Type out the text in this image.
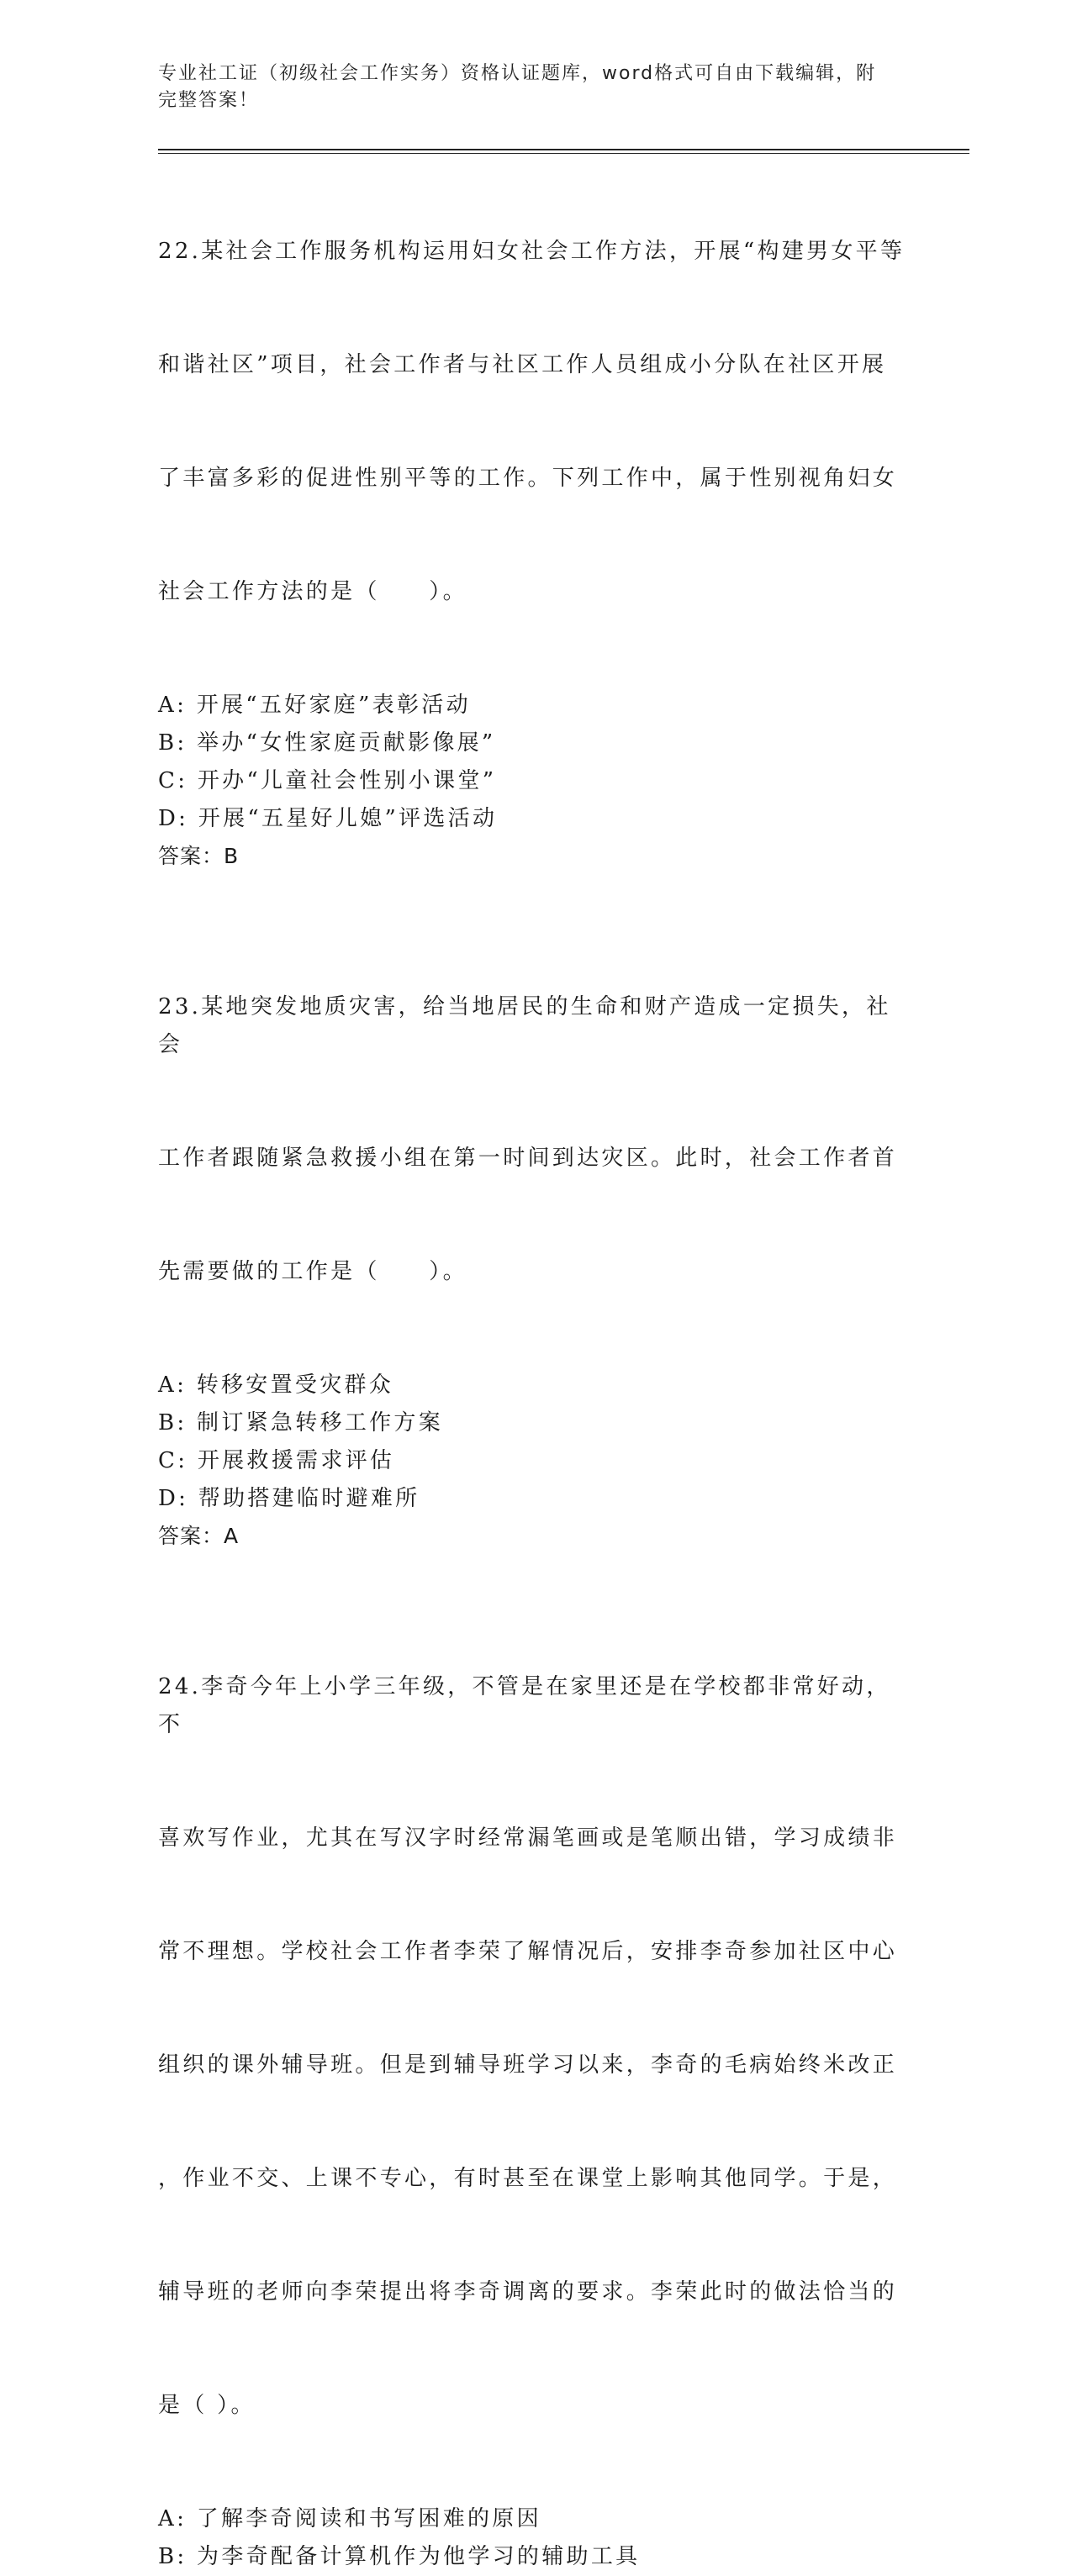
专业社工证（初级社会工作实务）资格认证题库，word格式可自由下载编辑，附
完整答案！

22.某社会工作服务机构运用妇女社会工作方法，开展“构建男女平等

和谐社区”项目，社会工作者与社区工作人员组成小分队在社区开展

了丰富多彩的促进性别平等的工作。下列工作中，属于性别视角妇女

社会工作方法的是（　　）。

A: 开展“五好家庭”表彰活动
B: 举办“女性家庭贡献影像展”
C: 开办“儿童社会性别小课堂”
D: 开展“五星好儿媳”评选活动
答案：B

23.某地突发地质灾害，给当地居民的生命和财产造成一定损失，社会

工作者跟随紧急救援小组在第一时间到达灾区。此时，社会工作者首

先需要做的工作是（　　）。

A: 转移安置受灾群众
B: 制订紧急转移工作方案
C: 开展救援需求评估
D: 帮助搭建临时避难所
答案：A

24.李奇今年上小学三年级，不管是在家里还是在学校都非常好动，不

喜欢写作业，尤其在写汉字时经常漏笔画或是笔顺出错，学习成绩非

常不理想。学校社会工作者李荣了解情况后，安排李奇参加社区中心

组织的课外辅导班。但是到辅导班学习以来，李奇的毛病始终米改正

，作业不交、上课不专心，有时甚至在课堂上影响其他同学。于是，

辅导班的老师向李荣提出将李奇调离的要求。李荣此时的做法恰当的

是（ ）。

A: 了解李奇阅读和书写困难的原因
B: 为李奇配备计算机作为他学习的辅助工具
